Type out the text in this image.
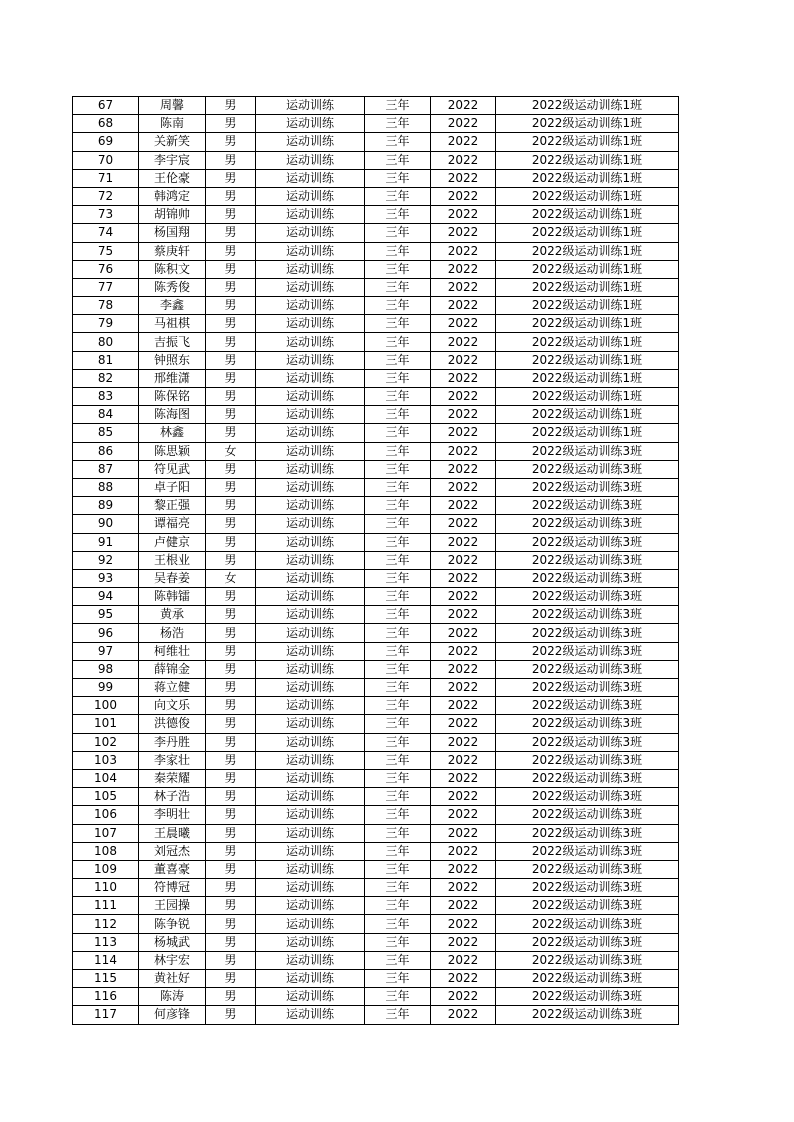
67	周馨	男	运动训练	三年	2022	2022级运动训练1班
68	陈南	男	运动训练	三年	2022	2022级运动训练1班
69	关新笑	男	运动训练	三年	2022	2022级运动训练1班
70	李宇宸	男	运动训练	三年	2022	2022级运动训练1班
71	王伦豪	男	运动训练	三年	2022	2022级运动训练1班
72	韩鸿定	男	运动训练	三年	2022	2022级运动训练1班
73	胡锦帅	男	运动训练	三年	2022	2022级运动训练1班
74	杨国翔	男	运动训练	三年	2022	2022级运动训练1班
75	蔡庚轩	男	运动训练	三年	2022	2022级运动训练1班
76	陈积文	男	运动训练	三年	2022	2022级运动训练1班
77	陈秀俊	男	运动训练	三年	2022	2022级运动训练1班
78	李鑫	男	运动训练	三年	2022	2022级运动训练1班
79	马祖棋	男	运动训练	三年	2022	2022级运动训练1班
80	吉振飞	男	运动训练	三年	2022	2022级运动训练1班
81	钟照东	男	运动训练	三年	2022	2022级运动训练1班
82	邢维潇	男	运动训练	三年	2022	2022级运动训练1班
83	陈保铭	男	运动训练	三年	2022	2022级运动训练1班
84	陈海图	男	运动训练	三年	2022	2022级运动训练1班
85	林鑫	男	运动训练	三年	2022	2022级运动训练1班
86	陈思颖	女	运动训练	三年	2022	2022级运动训练3班
87	符见武	男	运动训练	三年	2022	2022级运动训练3班
88	卓子阳	男	运动训练	三年	2022	2022级运动训练3班
89	黎正强	男	运动训练	三年	2022	2022级运动训练3班
90	谭福亮	男	运动训练	三年	2022	2022级运动训练3班
91	卢健京	男	运动训练	三年	2022	2022级运动训练3班
92	王根业	男	运动训练	三年	2022	2022级运动训练3班
93	吴春姜	女	运动训练	三年	2022	2022级运动训练3班
94	陈韩镭	男	运动训练	三年	2022	2022级运动训练3班
95	黄承	男	运动训练	三年	2022	2022级运动训练3班
96	杨浩	男	运动训练	三年	2022	2022级运动训练3班
97	柯维壮	男	运动训练	三年	2022	2022级运动训练3班
98	薛锦金	男	运动训练	三年	2022	2022级运动训练3班
99	蒋立健	男	运动训练	三年	2022	2022级运动训练3班
100	向文乐	男	运动训练	三年	2022	2022级运动训练3班
101	洪德俊	男	运动训练	三年	2022	2022级运动训练3班
102	李丹胜	男	运动训练	三年	2022	2022级运动训练3班
103	李家壮	男	运动训练	三年	2022	2022级运动训练3班
104	秦荣耀	男	运动训练	三年	2022	2022级运动训练3班
105	林子浩	男	运动训练	三年	2022	2022级运动训练3班
106	李明壮	男	运动训练	三年	2022	2022级运动训练3班
107	王晨曦	男	运动训练	三年	2022	2022级运动训练3班
108	刘冠杰	男	运动训练	三年	2022	2022级运动训练3班
109	董喜豪	男	运动训练	三年	2022	2022级运动训练3班
110	符博冠	男	运动训练	三年	2022	2022级运动训练3班
111	王园操	男	运动训练	三年	2022	2022级运动训练3班
112	陈争锐	男	运动训练	三年	2022	2022级运动训练3班
113	杨城武	男	运动训练	三年	2022	2022级运动训练3班
114	林宇宏	男	运动训练	三年	2022	2022级运动训练3班
115	黄社好	男	运动训练	三年	2022	2022级运动训练3班
116	陈涛	男	运动训练	三年	2022	2022级运动训练3班
117	何彦锋	男	运动训练	三年	2022	2022级运动训练3班
